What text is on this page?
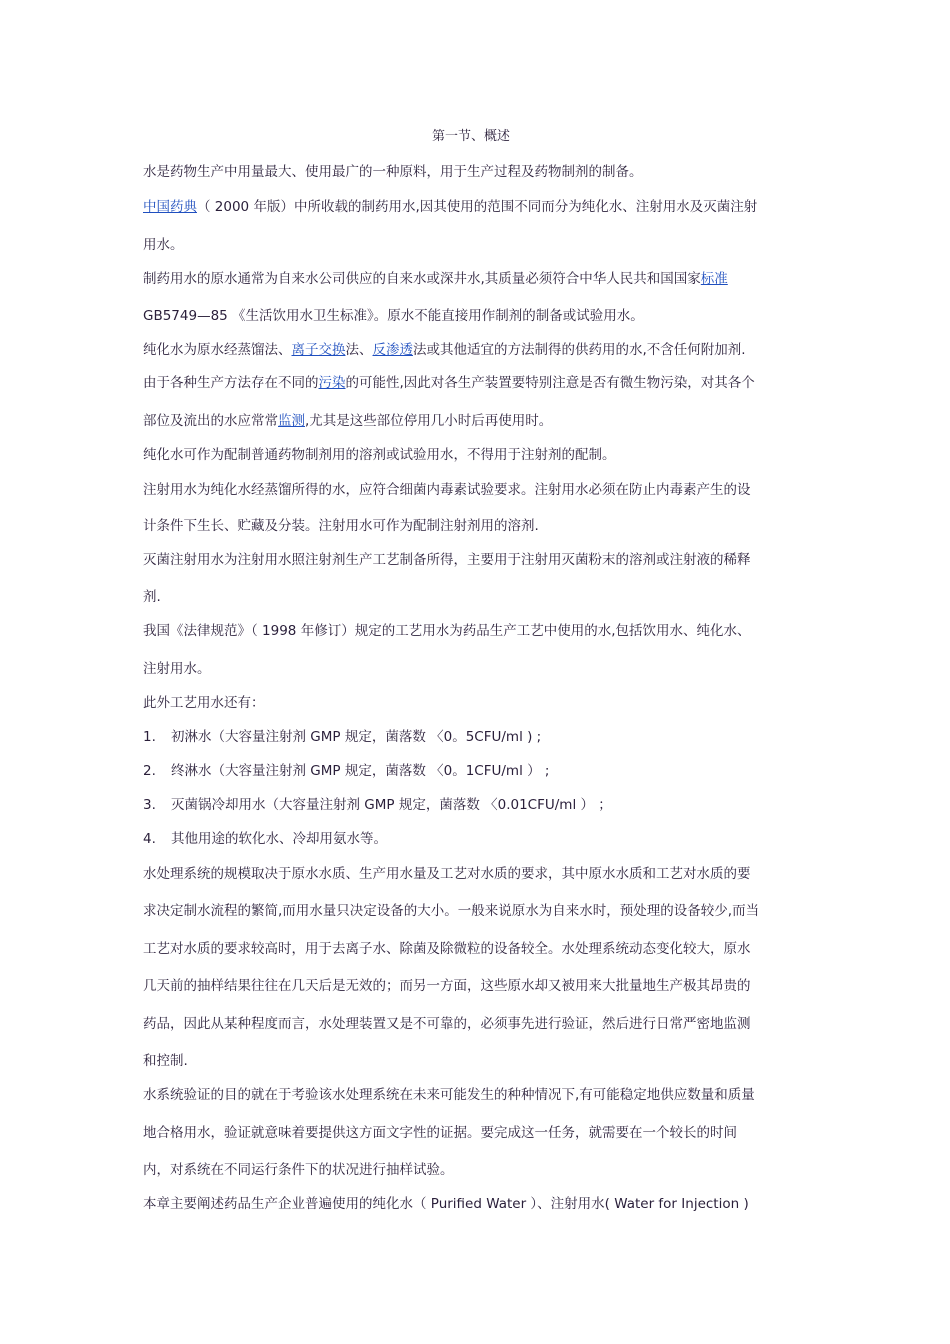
第一节、概述
水是药物生产中用量最大、使用最广的一种原料，用于生产过程及药物制剂的制备。
中国药典（ 2000 年版）中所收载的制药用水,因其使用的范围不同而分为纯化水、注射用水及灭菌注射
用水。
制药用水的原水通常为自来水公司供应的自来水或深井水,其质量必须符合中华人民共和国国家标准
GB5749—85 《生活饮用水卫生标准》。原水不能直接用作制剂的制备或试验用水。
纯化水为原水经蒸馏法、离子交换法、反渗透法或其他适宜的方法制得的供药用的水,不含任何附加剂.
由于各种生产方法存在不同的污染的可能性,因此对各生产装置要特别注意是否有微生物污染，对其各个
部位及流出的水应常常监测,尤其是这些部位停用几小时后再使用时。
纯化水可作为配制普通药物制剂用的溶剂或试验用水，不得用于注射剂的配制。
注射用水为纯化水经蒸馏所得的水，应符合细菌内毒素试验要求。注射用水必须在防止内毒素产生的设
计条件下生长、贮藏及分装。注射用水可作为配制注射剂用的溶剂.
灭菌注射用水为注射用水照注射剂生产工艺制备所得，主要用于注射用灭菌粉末的溶剂或注射液的稀释
剂.
我国《法律规范》（ 1998 年修订）规定的工艺用水为药品生产工艺中使用的水,包括饮用水、纯化水、
注射用水。
此外工艺用水还有：
1. 初淋水（大容量注射剂 GMP 规定，菌落数 〈0。5CFU/ml ) ;
2. 终淋水（大容量注射剂 GMP 规定，菌落数 〈0。1CFU/ml ） ;
3. 灭菌锅冷却用水（大容量注射剂 GMP 规定，菌落数 〈0.01CFU/ml ） ；
4. 其他用途的软化水、冷却用氨水等。
水处理系统的规模取决于原水水质、生产用水量及工艺对水质的要求，其中原水水质和工艺对水质的要
求决定制水流程的繁简,而用水量只决定设备的大小。一般来说原水为自来水时，预处理的设备较少,而当
工艺对水质的要求较高时，用于去离子水、除菌及除微粒的设备较全。水处理系统动态变化较大，原水
几天前的抽样结果往往在几天后是无效的；而另一方面，这些原水却又被用来大批量地生产极其昂贵的
药品，因此从某种程度而言，水处理装置又是不可靠的，必须事先进行验证，然后进行日常严密地监测
和控制.
水系统验证的目的就在于考验该水处理系统在未来可能发生的种种情况下,有可能稳定地供应数量和质量
地合格用水，验证就意味着要提供这方面文字性的证据。要完成这一任务，就需要在一个较长的时间
内，对系统在不同运行条件下的状况进行抽样试验。
本章主要阐述药品生产企业普遍使用的纯化水（ Purified Water ）、注射用水( Water for Injection )
